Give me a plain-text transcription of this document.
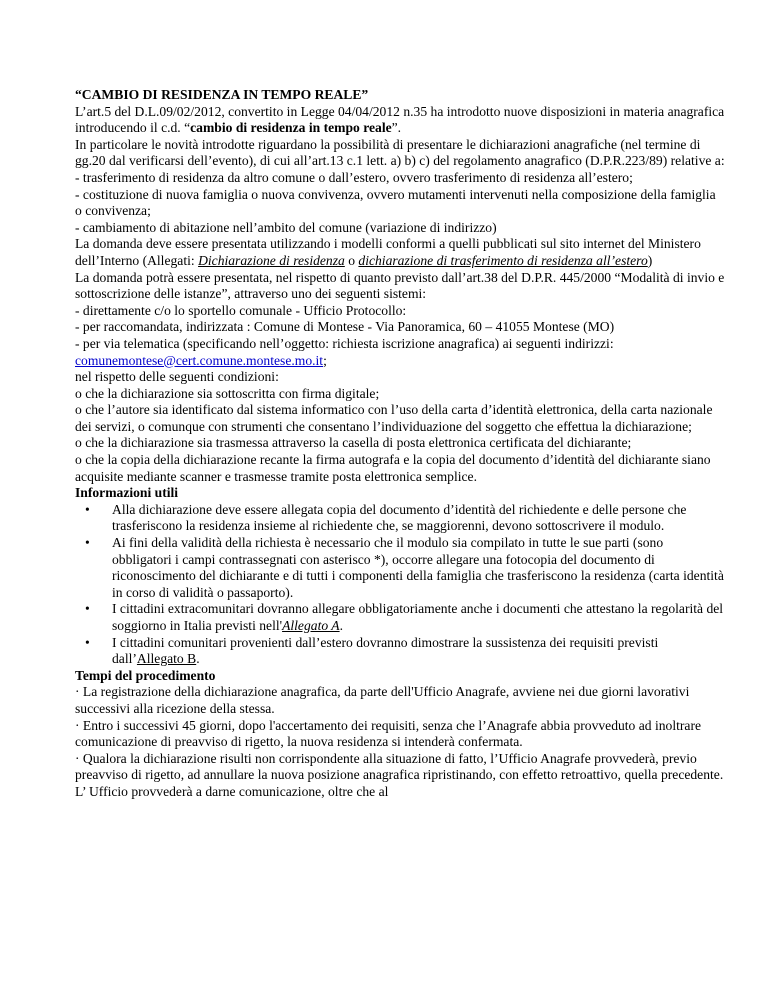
“CAMBIO DI RESIDENZA IN TEMPO REALE”

L’art.5 del D.L.09/02/2012, convertito in Legge 04/04/2012 n.35 ha introdotto nuove disposizioni in materia anagrafica introducendo il c.d. “cambio di residenza in tempo reale”.

In particolare le novità introdotte riguardano la possibilità di presentare le dichiarazioni anagrafiche (nel termine di gg.20 dal verificarsi dell’evento), di cui all’art.13 c.1 lett. a) b) c) del regolamento anagrafico (D.P.R.223/89) relative a:

- trasferimento di residenza da altro comune o dall’estero, ovvero trasferimento di residenza all’estero;

- costituzione di nuova famiglia o nuova convivenza, ovvero mutamenti intervenuti nella composizione della famiglia o convivenza;

- cambiamento di abitazione nell’ambito del comune (variazione di indirizzo)

La domanda deve essere presentata utilizzando i modelli conformi a quelli pubblicati sul sito internet del Ministero dell’Interno (Allegati: Dichiarazione di residenza o dichiarazione di trasferimento di residenza all’estero)

La domanda potrà essere presentata, nel rispetto di quanto previsto dall’art.38 del D.P.R. 445/2000 “Modalità di invio e sottoscrizione delle istanze”, attraverso uno dei seguenti sistemi:

- direttamente c/o lo sportello comunale - Ufficio Protocollo:

- per raccomandata, indirizzata : Comune di Montese - Via Panoramica, 60 – 41055 Montese (MO)

- per via telematica (specificando nell’oggetto: richiesta iscrizione anagrafica) ai seguenti indirizzi:

comunemontese@cert.comune.montese.mo.it;

nel rispetto delle seguenti condizioni:

o che la dichiarazione sia sottoscritta con firma digitale;

o che l’autore sia identificato dal sistema informatico con l’uso della carta d’identità elettronica, della carta nazionale dei servizi, o comunque con strumenti che consentano l’individuazione del soggetto che effettua la dichiarazione;

o che la dichiarazione sia trasmessa attraverso la casella di posta elettronica certificata del dichiarante;

o che la copia della dichiarazione recante la firma autografa e la copia del documento d’identità del dichiarante siano acquisite mediante scanner e trasmesse tramite posta elettronica semplice.

Informazioni utili

• Alla dichiarazione deve essere allegata copia del documento d’identità del richiedente e delle persone che trasferiscono la residenza insieme al richiedente che, se maggiorenni, devono sottoscrivere il modulo.
• Ai fini della validità della richiesta è necessario che il modulo sia compilato in tutte le sue parti (sono obbligatori i campi contrassegnati con asterisco *), occorre allegare una fotocopia del documento di riconoscimento del dichiarante e di tutti i componenti della famiglia che trasferiscono la residenza (carta identità in corso di validità o passaporto).
• I cittadini extracomunitari dovranno allegare obbligatoriamente anche i documenti che attestano la regolarità del soggiorno in Italia previsti nell'Allegato A.
• I cittadini comunitari provenienti dall’estero dovranno dimostrare la sussistenza dei requisiti previsti dall’Allegato B.

Tempi del procedimento

· La registrazione della dichiarazione anagrafica, da parte dell'Ufficio Anagrafe, avviene nei due giorni lavorativi successivi alla ricezione della stessa.

· Entro i successivi 45 giorni, dopo l'accertamento dei requisiti, senza che l’Anagrafe abbia provveduto ad inoltrare comunicazione di preavviso di rigetto, la nuova residenza si intenderà confermata.

· Qualora la dichiarazione risulti non corrispondente alla situazione di fatto, l’Ufficio Anagrafe provvederà, previo preavviso di rigetto, ad annullare la nuova posizione anagrafica ripristinando, con effetto retroattivo, quella precedente. L’ Ufficio provvederà a darne comunicazione, oltre che al
